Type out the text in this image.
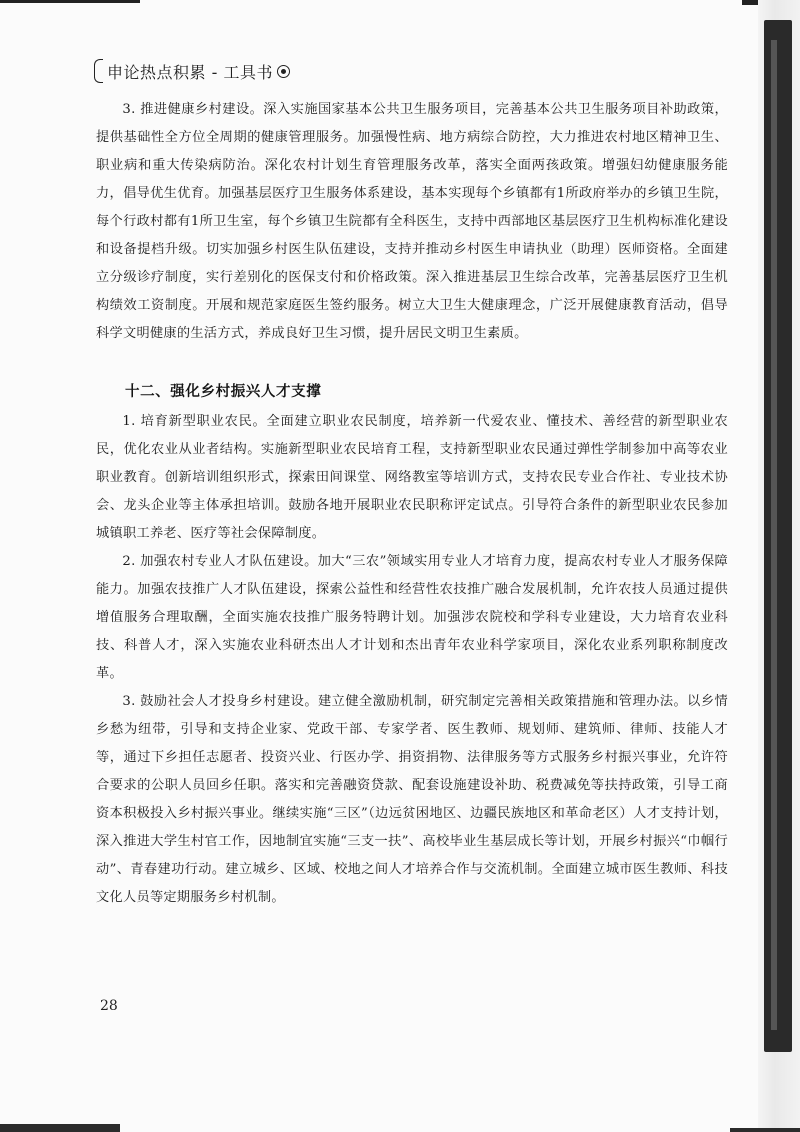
申论热点积累 - 工具书

3. 推进健康乡村建设。深入实施国家基本公共卫生服务项目，完善基本公共卫生服务项目补助政策，提供基础性全方位全周期的健康管理服务。加强慢性病、地方病综合防控，大力推进农村地区精神卫生、职业病和重大传染病防治。深化农村计划生育管理服务改革，落实全面两孩政策。增强妇幼健康服务能力，倡导优生优育。加强基层医疗卫生服务体系建设，基本实现每个乡镇都有1所政府举办的乡镇卫生院，每个行政村都有1所卫生室，每个乡镇卫生院都有全科医生，支持中西部地区基层医疗卫生机构标准化建设和设备提档升级。切实加强乡村医生队伍建设，支持并推动乡村医生申请执业（助理）医师资格。全面建立分级诊疗制度，实行差别化的医保支付和价格政策。深入推进基层卫生综合改革，完善基层医疗卫生机构绩效工资制度。开展和规范家庭医生签约服务。树立大卫生大健康理念，广泛开展健康教育活动，倡导科学文明健康的生活方式，养成良好卫生习惯，提升居民文明卫生素质。

十二、强化乡村振兴人才支撑

1. 培育新型职业农民。全面建立职业农民制度，培养新一代爱农业、懂技术、善经营的新型职业农民，优化农业从业者结构。实施新型职业农民培育工程，支持新型职业农民通过弹性学制参加中高等农业职业教育。创新培训组织形式，探索田间课堂、网络教室等培训方式，支持农民专业合作社、专业技术协会、龙头企业等主体承担培训。鼓励各地开展职业农民职称评定试点。引导符合条件的新型职业农民参加城镇职工养老、医疗等社会保障制度。

2. 加强农村专业人才队伍建设。加大“三农”领域实用专业人才培育力度，提高农村专业人才服务保障能力。加强农技推广人才队伍建设，探索公益性和经营性农技推广融合发展机制，允许农技人员通过提供增值服务合理取酬，全面实施农技推广服务特聘计划。加强涉农院校和学科专业建设，大力培育农业科技、科普人才，深入实施农业科研杰出人才计划和杰出青年农业科学家项目，深化农业系列职称制度改革。

3. 鼓励社会人才投身乡村建设。建立健全激励机制，研究制定完善相关政策措施和管理办法。以乡情乡愁为纽带，引导和支持企业家、党政干部、专家学者、医生教师、规划师、建筑师、律师、技能人才等，通过下乡担任志愿者、投资兴业、行医办学、捐资捐物、法律服务等方式服务乡村振兴事业，允许符合要求的公职人员回乡任职。落实和完善融资贷款、配套设施建设补助、税费减免等扶持政策，引导工商资本积极投入乡村振兴事业。继续实施“三区”（边远贫困地区、边疆民族地区和革命老区）人才支持计划，深入推进大学生村官工作，因地制宜实施“三支一扶”、高校毕业生基层成长等计划，开展乡村振兴“巾帼行动”、青春建功行动。建立城乡、区域、校地之间人才培养合作与交流机制。全面建立城市医生教师、科技文化人员等定期服务乡村机制。

28
